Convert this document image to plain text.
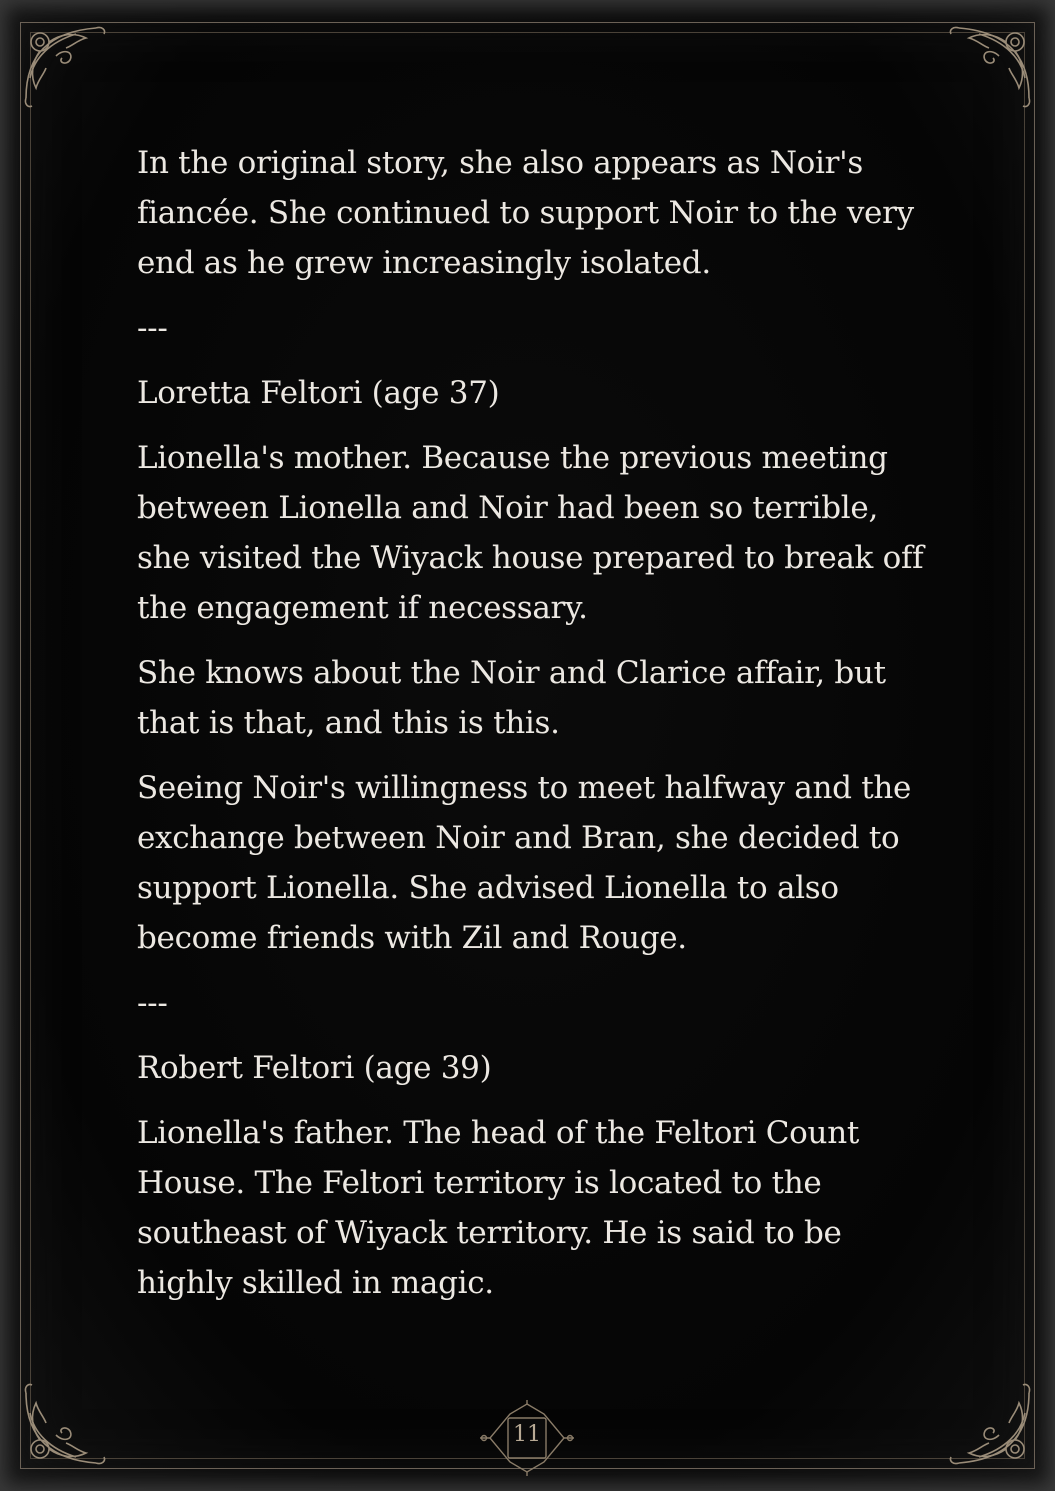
In the original story, she also appears as Noir's fiancée. She continued to support Noir to the very end as he grew increasingly isolated.

---

Loretta Feltori (age 37)

Lionella's mother. Because the previous meeting between Lionella and Noir had been so terrible, she visited the Wiyack house prepared to break off the engagement if necessary.

She knows about the Noir and Clarice affair, but that is that, and this is this.

Seeing Noir's willingness to meet halfway and the exchange between Noir and Bran, she decided to support Lionella. She advised Lionella to also become friends with Zil and Rouge.

---

Robert Feltori (age 39)

Lionella's father. The head of the Feltori Count House. The Feltori territory is located to the southeast of Wiyack territory. He is said to be highly skilled in magic.

11
